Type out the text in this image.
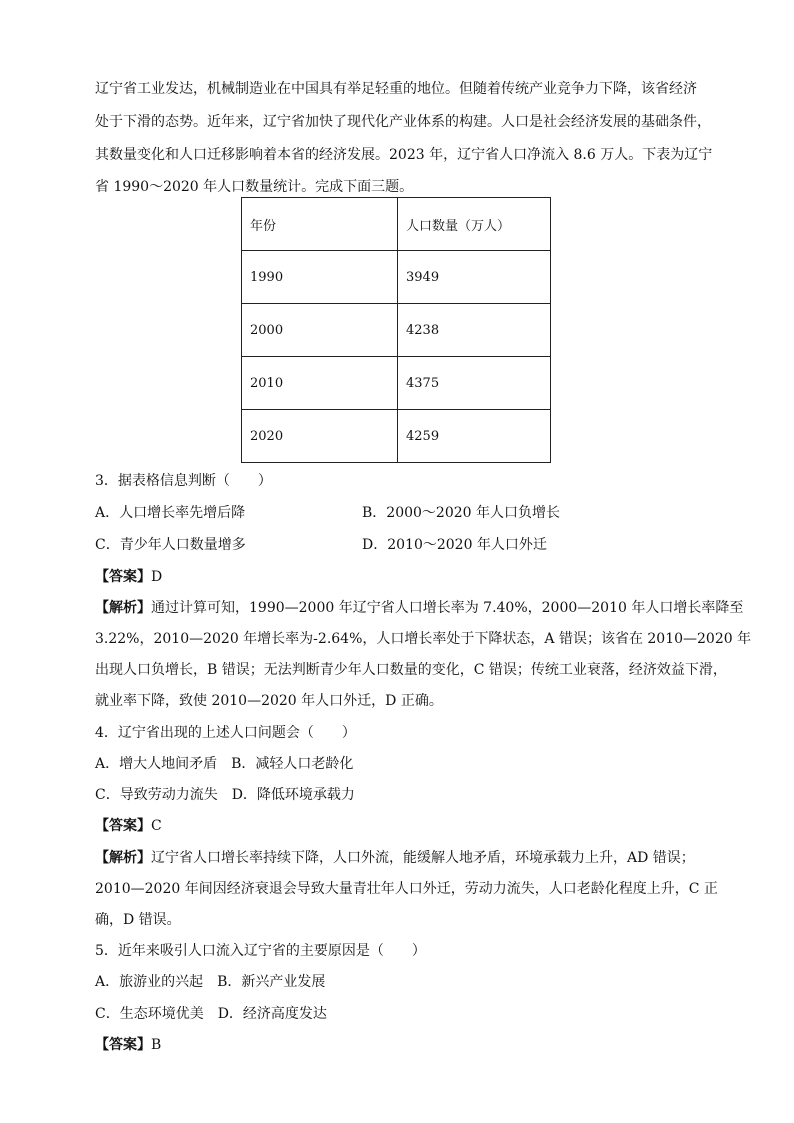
辽宁省工业发达，机械制造业在中国具有举足轻重的地位。但随着传统产业竞争力下降，该省经济
处于下滑的态势。近年来，辽宁省加快了现代化产业体系的构建。人口是社会经济发展的基础条件，
其数量变化和人口迁移影响着本省的经济发展。2023 年，辽宁省人口净流入 8.6 万人。下表为辽宁
省 1990～2020 年人口数量统计。完成下面三题。
年份	人口数量（万人）
1990	3949
2000	4238
2010	4375
2020	4259
3．据表格信息判断（　　）
A．人口增长率先增后降	B．2000～2020 年人口负增长
C．青少年人口数量增多	D．2010～2020 年人口外迁
【答案】D
【解析】通过计算可知，1990—2000 年辽宁省人口增长率为 7.40%，2000—2010 年人口增长率降至
3.22%，2010—2020 年增长率为-2.64%，人口增长率处于下降状态，A 错误；该省在 2010—2020 年
出现人口负增长，B 错误；无法判断青少年人口数量的变化，C 错误；传统工业衰落，经济效益下滑，
就业率下降，致使 2010—2020 年人口外迁，D 正确。
4．辽宁省出现的上述人口问题会（　　）
A．增大人地间矛盾　B．减轻人口老龄化
C．导致劳动力流失　D．降低环境承载力
【答案】C
【解析】辽宁省人口增长率持续下降，人口外流，能缓解人地矛盾，环境承载力上升，AD 错误；
2010—2020 年间因经济衰退会导致大量青壮年人口外迁，劳动力流失，人口老龄化程度上升，C 正
确，D 错误。
5．近年来吸引人口流入辽宁省的主要原因是（　　）
A．旅游业的兴起　B．新兴产业发展
C．生态环境优美　D．经济高度发达
【答案】B
